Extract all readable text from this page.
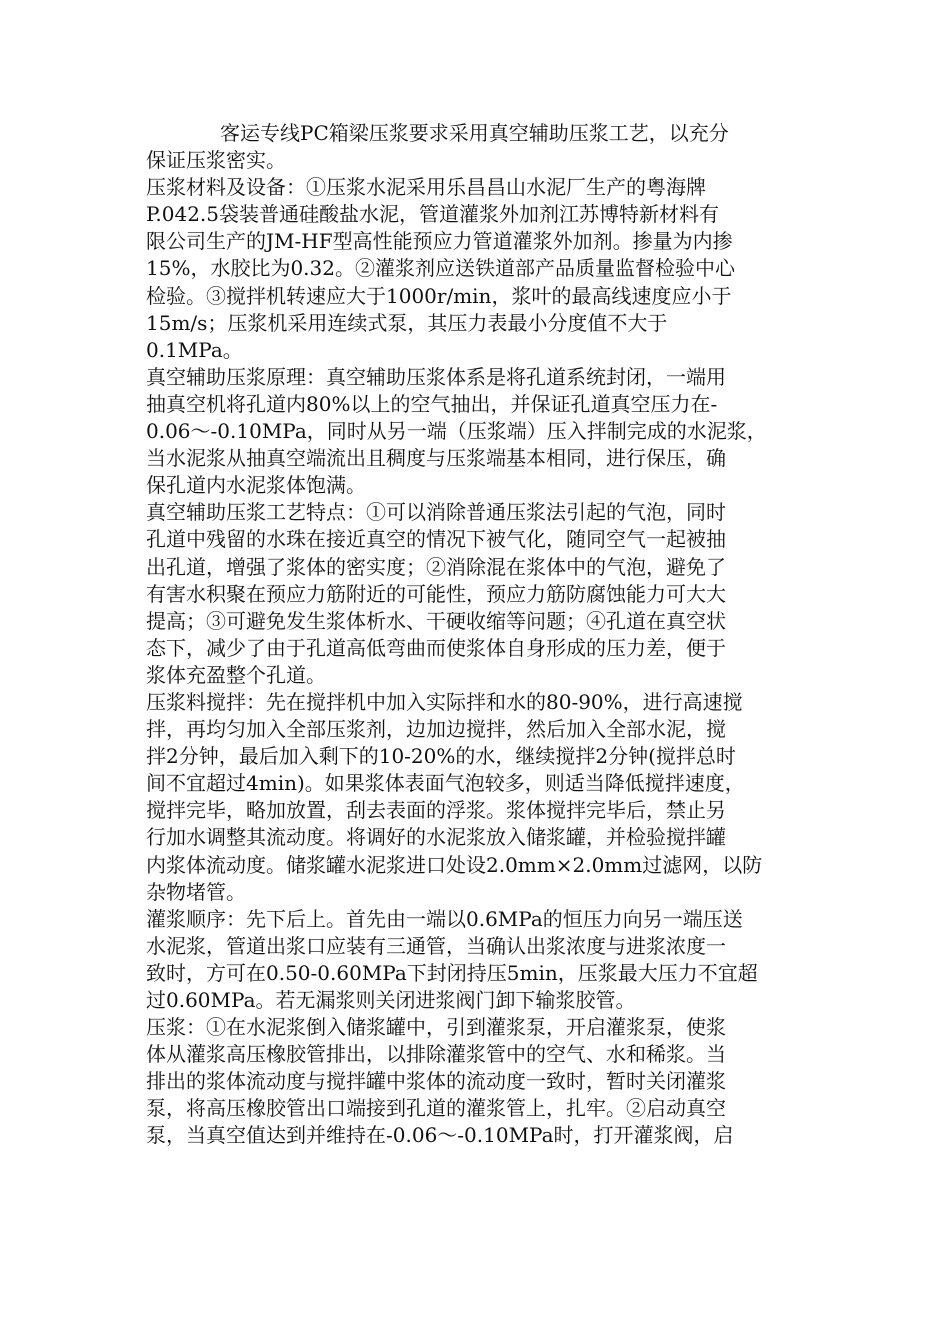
客运专线PC箱梁压浆要求采用真空辅助压浆工艺，以充分
保证压浆密实。
压浆材料及设备：①压浆水泥采用乐昌昌山水泥厂生产的粤海牌
P.042.5袋装普通硅酸盐水泥，管道灌浆外加剂江苏博特新材料有
限公司生产的JM-HF型高性能预应力管道灌浆外加剂。掺量为内掺
15%，水胶比为0.32。②灌浆剂应送铁道部产品质量监督检验中心
检验。③搅拌机转速应大于1000r/min，浆叶的最高线速度应小于
15m/s；压浆机采用连续式泵，其压力表最小分度值不大于
0.1MPa。
真空辅助压浆原理：真空辅助压浆体系是将孔道系统封闭，一端用
抽真空机将孔道内80%以上的空气抽出，并保证孔道真空压力在-
0.06～-0.10MPa，同时从另一端（压浆端）压入拌制完成的水泥浆，
当水泥浆从抽真空端流出且稠度与压浆端基本相同，进行保压，确
保孔道内水泥浆体饱满。
真空辅助压浆工艺特点：①可以消除普通压浆法引起的气泡，同时
孔道中残留的水珠在接近真空的情况下被气化，随同空气一起被抽
出孔道，增强了浆体的密实度；②消除混在浆体中的气泡，避免了
有害水积聚在预应力筋附近的可能性，预应力筋防腐蚀能力可大大
提高；③可避免发生浆体析水、干硬收缩等问题；④孔道在真空状
态下，减少了由于孔道高低弯曲而使浆体自身形成的压力差，便于
浆体充盈整个孔道。
压浆料搅拌：先在搅拌机中加入实际拌和水的80-90%，进行高速搅
拌，再均匀加入全部压浆剂，边加边搅拌，然后加入全部水泥，搅
拌2分钟，最后加入剩下的10-20%的水，继续搅拌2分钟(搅拌总时
间不宜超过4min)。如果浆体表面气泡较多，则适当降低搅拌速度，
搅拌完毕，略加放置，刮去表面的浮浆。浆体搅拌完毕后，禁止另
行加水调整其流动度。将调好的水泥浆放入储浆罐，并检验搅拌罐
内浆体流动度。储浆罐水泥浆进口处设2.0mm×2.0mm过滤网，以防
杂物堵管。
灌浆顺序：先下后上。首先由一端以0.6MPa的恒压力向另一端压送
水泥浆，管道出浆口应装有三通管，当确认出浆浓度与进浆浓度一
致时，方可在0.50-0.60MPa下封闭持压5min，压浆最大压力不宜超
过0.60MPa。若无漏浆则关闭进浆阀门卸下输浆胶管。
压浆：①在水泥浆倒入储浆罐中，引到灌浆泵，开启灌浆泵，使浆
体从灌浆高压橡胶管排出，以排除灌浆管中的空气、水和稀浆。当
排出的浆体流动度与搅拌罐中浆体的流动度一致时，暂时关闭灌浆
泵，将高压橡胶管出口端接到孔道的灌浆管上，扎牢。②启动真空
泵，当真空值达到并维持在-0.06～-0.10MPa时，打开灌浆阀，启
